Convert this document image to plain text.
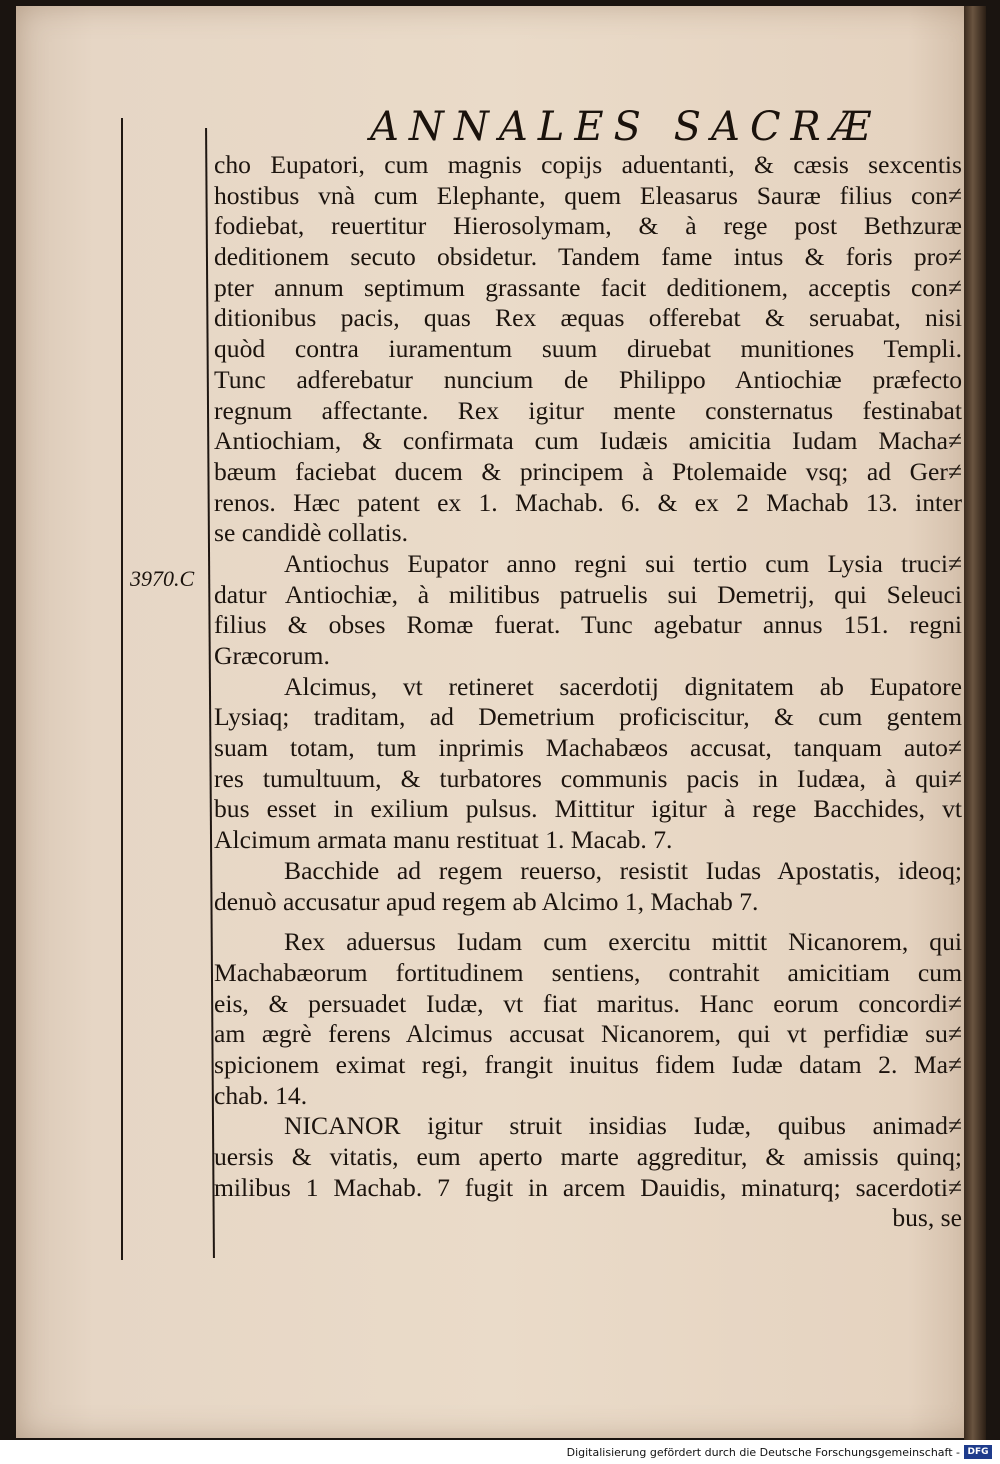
ANNALES SACRÆ
3970.C
cho Eupatori, cum magnis copijs aduentanti, & cæsis sexcentis
hostibus vnà cum Elephante, quem Eleasarus Sauræ filius con≠
fodiebat, reuertitur Hierosolymam, & à rege post Bethzuræ
deditionem secuto obsidetur. Tandem fame intus & foris pro≠
pter annum septimum grassante facit deditionem, acceptis con≠
ditionibus pacis, quas Rex æquas offerebat & seruabat, nisi
quòd contra iuramentum suum diruebat munitiones Templi.
Tunc adferebatur nuncium de Philippo Antiochiæ præfecto
regnum affectante. Rex igitur mente consternatus festinabat
Antiochiam, & confirmata cum Iudæis amicitia Iudam Macha≠
bæum faciebat ducem & principem à Ptolemaide vsq; ad Ger≠
renos. Hæc patent ex 1. Machab. 6. & ex 2 Machab 13. inter
se candidè collatis.
Antiochus Eupator anno regni sui tertio cum Lysia truci≠
datur Antiochiæ, à militibus patruelis sui Demetrij, qui Seleuci
filius & obses Romæ fuerat. Tunc agebatur annus 151. regni
Græcorum.
Alcimus, vt retineret sacerdotij dignitatem ab Eupatore
Lysiaq; traditam, ad Demetrium proficiscitur, & cum gentem
suam totam, tum inprimis Machabæos accusat, tanquam auto≠
res tumultuum, & turbatores communis pacis in Iudæa, à qui≠
bus esset in exilium pulsus. Mittitur igitur à rege Bacchides, vt
Alcimum armata manu restituat 1. Macab. 7.
Bacchide ad regem reuerso, resistit Iudas Apostatis, ideoq;
denuò accusatur apud regem ab Alcimo 1, Machab 7.
Rex aduersus Iudam cum exercitu mittit Nicanorem, qui
Machabæorum fortitudinem sentiens, contrahit amicitiam cum
eis, & persuadet Iudæ, vt fiat maritus. Hanc eorum concordi≠
am ægrè ferens Alcimus accusat Nicanorem, qui vt perfidiæ su≠
spicionem eximat regi, frangit inuitus fidem Iudæ datam 2. Ma≠
chab. 14.
NICANOR igitur struit insidias Iudæ, quibus animad≠
uersis & vitatis, eum aperto marte aggreditur, & amissis quinq;
milibus 1 Machab. 7 fugit in arcem Dauidis, minaturq; sacerdoti≠
bus, se
Digitalisierung gefördert durch die Deutsche Forschungsgemeinschaft - DFG
